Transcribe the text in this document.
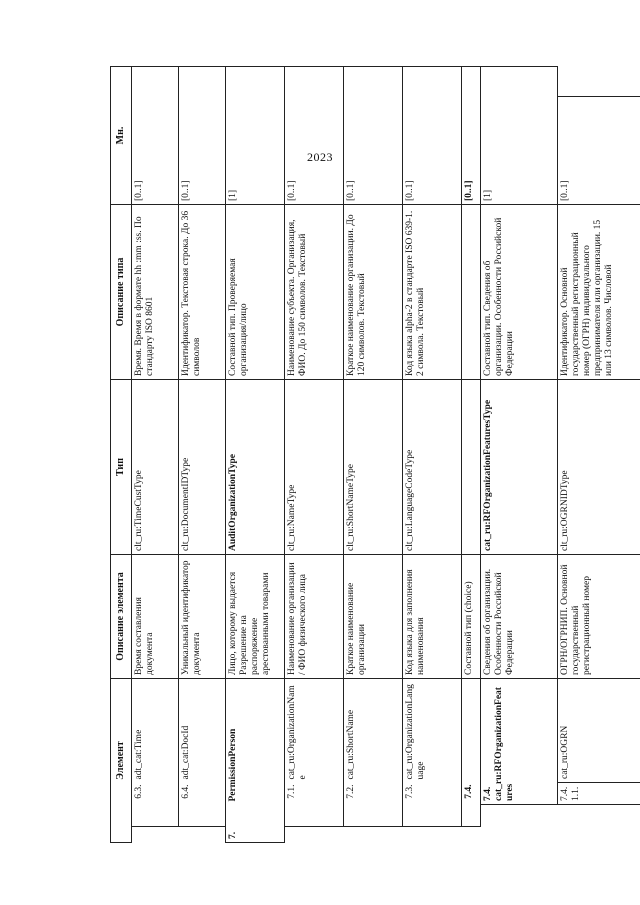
2023
Элемент				Описание элемента	Тип	Описание типа	Мн.	
	6.3.		adt_cat:Time	Время составления документа	clt_ru:TimeCustType	Время. Время в формате hh :mm :ss. По стандарту ISO 8601	[0..1]	
	6.4.		adt_cat:DocId	Уникальный идентификатор документа	clt_ru:DocumentIDType	Идентификатор. Текстовая строка. До 36 символов	[0..1]	
7.		PermissionPerson		Лицо, которому выдается Разрешение на распоряжение арестованными товарами	AuditOrganizationType	Составной тип. Проверяемая организация/лицо	[1]	
	7.1.		cat_ru:OrganizationName	Наименование организации / ФИО физического лица	clt_ru:NameType	Наименование субъекта. Организация, ФИО. До 150 символов. Текстовый	[0..1]	
	7.2.		cat_ru:ShortName	Краткое наименование организации	clt_ru:ShortNameType	Краткое наименование организации. До 120 символов. Текстовый	[0..1]	
	7.3.		cat_ru:OrganizationLanguage	Код языка для заполнения наименования	clt_ru:LanguageCodeType	Код языка alpha-2 в стандарте ISO 639-1. 2 символа. Текстовый	[0..1]	
	7.4.			Составной тип (choice)			[0..1]	
		7.4. cat_ru:RFOrganizationFeatures		Сведения об организации. Особенности Российской Федерации	cat_ru:RFOrganizationFeaturesType	Составной тип. Сведения об организации. Особенности Российской Федерации	[1]	
		7.4.1.1.	cat_ru:OGRN	ОГРН/ОГРНИП. Основной государственный регистрационный номер	clt_ru:OGRNIDType	Идентификатор. Основной государственный регистрационный номер (ОГРН) индивидуального предпринимателя или организации. 15 или 13 символов. Числовой	[0..1]	
